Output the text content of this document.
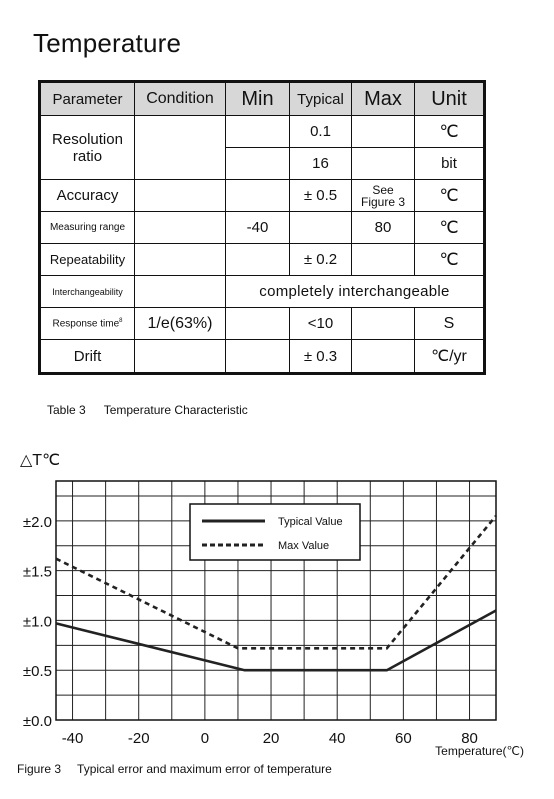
Temperature
Parameter	Condition	Min	Typical	Max	Unit
Resolution ratio			0.1		℃
			16		bit
Accuracy			± 0.5	See Figure 3	℃
Measuring range		-40		80	℃
Repeatability			± 0.2		℃
Interchangeability		completely interchangeable			
Response time$^8$	1/e(63%)		<10		S
Drift			± 0.3		℃/yr
Table 3 Temperature Characteristic
Typical Value
Max Value
±0.0
±0.5
±1.0
±1.5
±2.0
-40	-20	0	20	40	60	80
△T℃
Temperature(℃)
Figure 3 Typical error and maximum error of temperature
